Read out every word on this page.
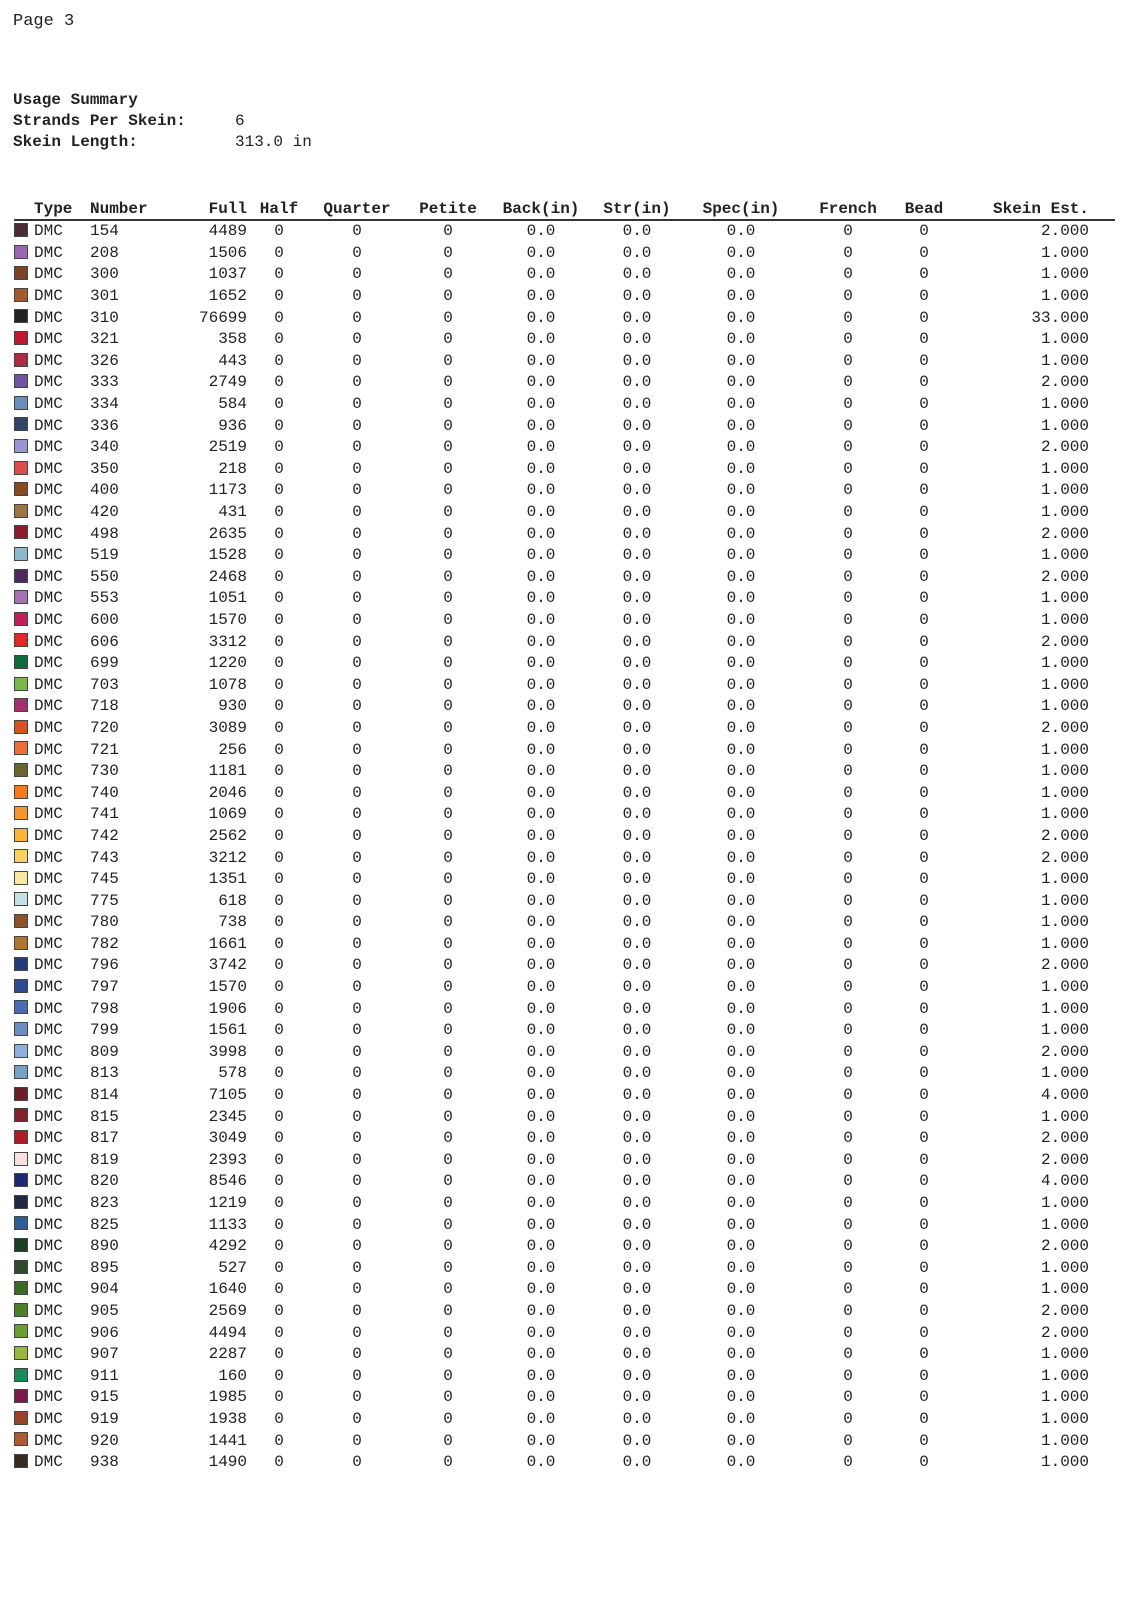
Page 3
Usage Summary
Strands Per Skein:	6
Skein Length:	313.0 in
	Type	Number	Full	Half	Quarter	Petite	Back(in)	Str(in)	Spec(in)	French	Bead	Skein Est.
	DMC	154	4489	0	0	0	0.0	0.0	0.0	0	0	2.000
	DMC	208	1506	0	0	0	0.0	0.0	0.0	0	0	1.000
	DMC	300	1037	0	0	0	0.0	0.0	0.0	0	0	1.000
	DMC	301	1652	0	0	0	0.0	0.0	0.0	0	0	1.000
	DMC	310	76699	0	0	0	0.0	0.0	0.0	0	0	33.000
	DMC	321	358	0	0	0	0.0	0.0	0.0	0	0	1.000
	DMC	326	443	0	0	0	0.0	0.0	0.0	0	0	1.000
	DMC	333	2749	0	0	0	0.0	0.0	0.0	0	0	2.000
	DMC	334	584	0	0	0	0.0	0.0	0.0	0	0	1.000
	DMC	336	936	0	0	0	0.0	0.0	0.0	0	0	1.000
	DMC	340	2519	0	0	0	0.0	0.0	0.0	0	0	2.000
	DMC	350	218	0	0	0	0.0	0.0	0.0	0	0	1.000
	DMC	400	1173	0	0	0	0.0	0.0	0.0	0	0	1.000
	DMC	420	431	0	0	0	0.0	0.0	0.0	0	0	1.000
	DMC	498	2635	0	0	0	0.0	0.0	0.0	0	0	2.000
	DMC	519	1528	0	0	0	0.0	0.0	0.0	0	0	1.000
	DMC	550	2468	0	0	0	0.0	0.0	0.0	0	0	2.000
	DMC	553	1051	0	0	0	0.0	0.0	0.0	0	0	1.000
	DMC	600	1570	0	0	0	0.0	0.0	0.0	0	0	1.000
	DMC	606	3312	0	0	0	0.0	0.0	0.0	0	0	2.000
	DMC	699	1220	0	0	0	0.0	0.0	0.0	0	0	1.000
	DMC	703	1078	0	0	0	0.0	0.0	0.0	0	0	1.000
	DMC	718	930	0	0	0	0.0	0.0	0.0	0	0	1.000
	DMC	720	3089	0	0	0	0.0	0.0	0.0	0	0	2.000
	DMC	721	256	0	0	0	0.0	0.0	0.0	0	0	1.000
	DMC	730	1181	0	0	0	0.0	0.0	0.0	0	0	1.000
	DMC	740	2046	0	0	0	0.0	0.0	0.0	0	0	1.000
	DMC	741	1069	0	0	0	0.0	0.0	0.0	0	0	1.000
	DMC	742	2562	0	0	0	0.0	0.0	0.0	0	0	2.000
	DMC	743	3212	0	0	0	0.0	0.0	0.0	0	0	2.000
	DMC	745	1351	0	0	0	0.0	0.0	0.0	0	0	1.000
	DMC	775	618	0	0	0	0.0	0.0	0.0	0	0	1.000
	DMC	780	738	0	0	0	0.0	0.0	0.0	0	0	1.000
	DMC	782	1661	0	0	0	0.0	0.0	0.0	0	0	1.000
	DMC	796	3742	0	0	0	0.0	0.0	0.0	0	0	2.000
	DMC	797	1570	0	0	0	0.0	0.0	0.0	0	0	1.000
	DMC	798	1906	0	0	0	0.0	0.0	0.0	0	0	1.000
	DMC	799	1561	0	0	0	0.0	0.0	0.0	0	0	1.000
	DMC	809	3998	0	0	0	0.0	0.0	0.0	0	0	2.000
	DMC	813	578	0	0	0	0.0	0.0	0.0	0	0	1.000
	DMC	814	7105	0	0	0	0.0	0.0	0.0	0	0	4.000
	DMC	815	2345	0	0	0	0.0	0.0	0.0	0	0	1.000
	DMC	817	3049	0	0	0	0.0	0.0	0.0	0	0	2.000
	DMC	819	2393	0	0	0	0.0	0.0	0.0	0	0	2.000
	DMC	820	8546	0	0	0	0.0	0.0	0.0	0	0	4.000
	DMC	823	1219	0	0	0	0.0	0.0	0.0	0	0	1.000
	DMC	825	1133	0	0	0	0.0	0.0	0.0	0	0	1.000
	DMC	890	4292	0	0	0	0.0	0.0	0.0	0	0	2.000
	DMC	895	527	0	0	0	0.0	0.0	0.0	0	0	1.000
	DMC	904	1640	0	0	0	0.0	0.0	0.0	0	0	1.000
	DMC	905	2569	0	0	0	0.0	0.0	0.0	0	0	2.000
	DMC	906	4494	0	0	0	0.0	0.0	0.0	0	0	2.000
	DMC	907	2287	0	0	0	0.0	0.0	0.0	0	0	1.000
	DMC	911	160	0	0	0	0.0	0.0	0.0	0	0	1.000
	DMC	915	1985	0	0	0	0.0	0.0	0.0	0	0	1.000
	DMC	919	1938	0	0	0	0.0	0.0	0.0	0	0	1.000
	DMC	920	1441	0	0	0	0.0	0.0	0.0	0	0	1.000
	DMC	938	1490	0	0	0	0.0	0.0	0.0	0	0	1.000
